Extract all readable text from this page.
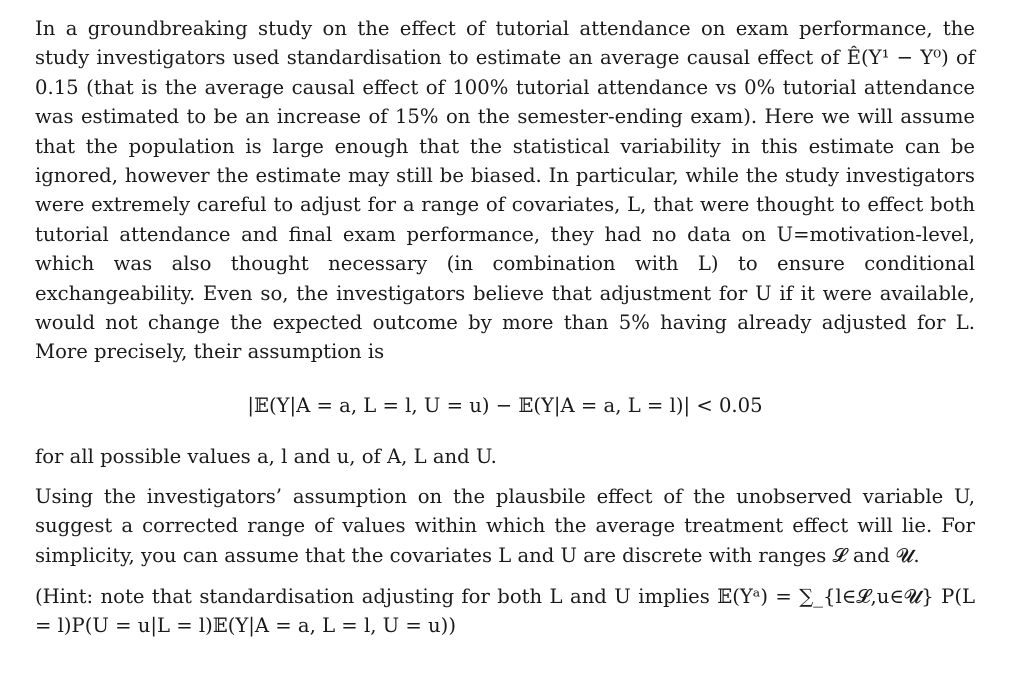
In a groundbreaking study on the effect of tutorial attendance on exam performance, the study investigators used standardisation to estimate an average causal effect of Ê(Y¹ − Y⁰) of 0.15 (that is the average causal effect of 100% tutorial attendance vs 0% tutorial attendance was estimated to be an increase of 15% on the semester-ending exam). Here we will assume that the population is large enough that the statistical variability in this estimate can be ignored, however the estimate may still be biased. In particular, while the study investigators were extremely careful to adjust for a range of covariates, L, that were thought to effect both tutorial attendance and final exam performance, they had no data on U=motivation-level, which was also thought necessary (in combination with L) to ensure conditional exchangeability. Even so, the investigators believe that adjustment for U if it were available, would not change the expected outcome by more than 5% having already adjusted for L. More precisely, their assumption is

|𝔼(Y|A = a, L = l, U = u) − 𝔼(Y|A = a, L = l)| < 0.05

for all possible values a, l and u, of A, L and U.

Using the investigators’ assumption on the plausbile effect of the unobserved variable U, suggest a corrected range of values within which the average treatment effect will lie. For simplicity, you can assume that the covariates L and U are discrete with ranges 𝓛 and 𝓤.

(Hint: note that standardisation adjusting for both L and U implies 𝔼(Yᵃ) = ∑_{l∈𝓛,u∈𝓤} P(L = l)P(U = u|L = l)𝔼(Y|A = a, L = l, U = u))
